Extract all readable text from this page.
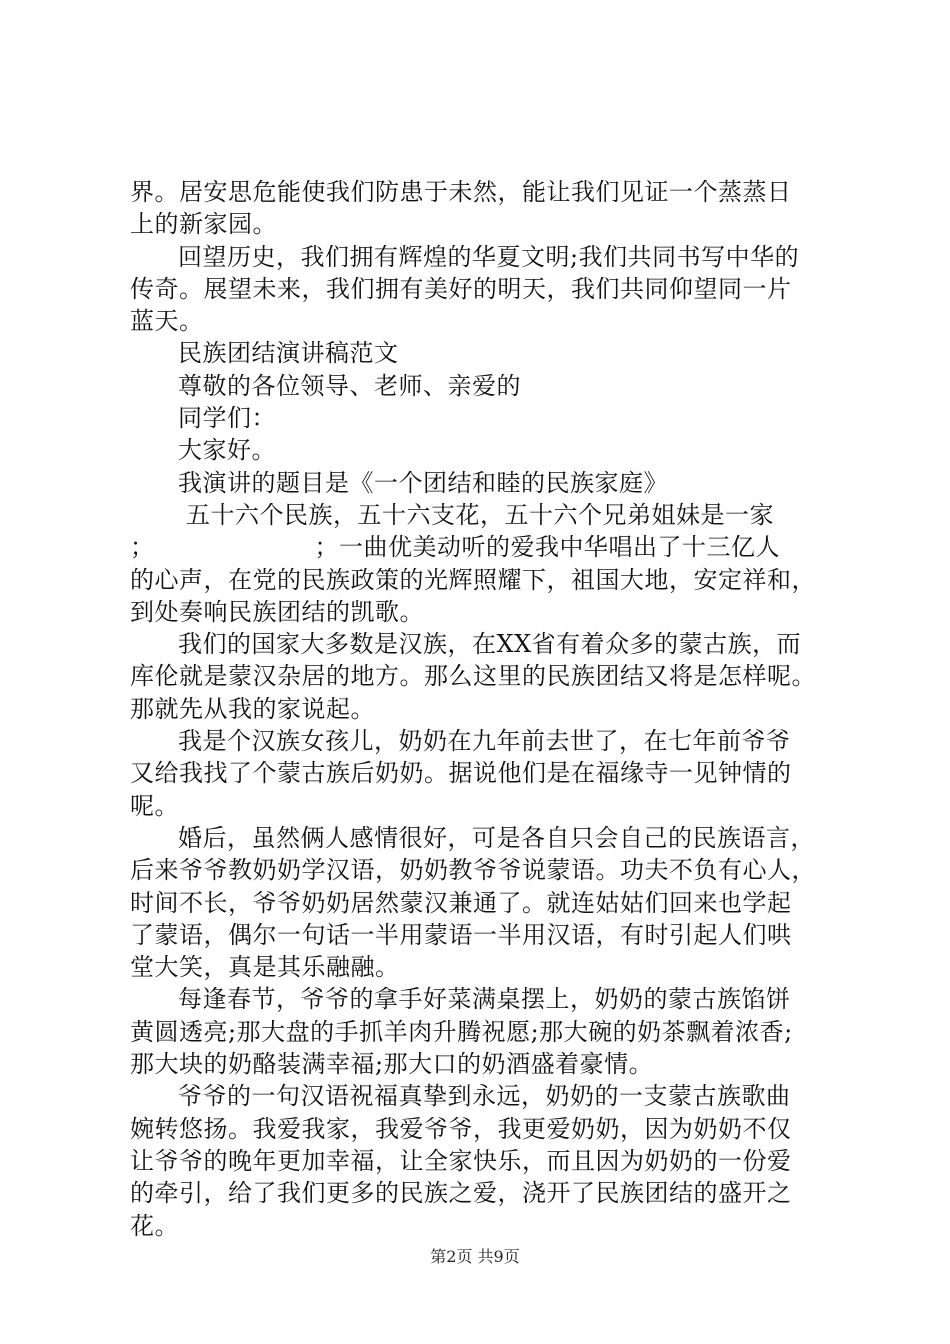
界。居安思危能使我们防患于未然，能让我们见证一个蒸蒸日
上的新家园。

回望历史，我们拥有辉煌的华夏文明;我们共同书写中华的
传奇。展望未来，我们拥有美好的明天，我们共同仰望同一片
蓝天。

民族团结演讲稿范文

尊敬的各位领导、老师、亲爱的

同学们：

大家好。

我演讲的题目是《一个团结和睦的民族家庭》

五十六个民族，五十六支花，五十六个兄弟姐妹是一家

；	；一曲优美动听的爱我中华唱出了十三亿人
的心声，在党的民族政策的光辉照耀下，祖国大地，安定祥和，
到处奏响民族团结的凯歌。

我们的国家大多数是汉族，在XX省有着众多的蒙古族，而
库伦就是蒙汉杂居的地方。那么这里的民族团结又将是怎样呢。
那就先从我的家说起。

我是个汉族女孩儿，奶奶在九年前去世了，在七年前爷爷
又给我找了个蒙古族后奶奶。据说他们是在福缘寺一见钟情的
呢。

婚后，虽然俩人感情很好，可是各自只会自己的民族语言，
后来爷爷教奶奶学汉语，奶奶教爷爷说蒙语。功夫不负有心人，
时间不长，爷爷奶奶居然蒙汉兼通了。就连姑姑们回来也学起
了蒙语，偶尔一句话一半用蒙语一半用汉语，有时引起人们哄
堂大笑，真是其乐融融。

每逢春节，爷爷的拿手好菜满桌摆上，奶奶的蒙古族馅饼
黄圆透亮;那大盘的手抓羊肉升腾祝愿;那大碗的奶茶飘着浓香;
那大块的奶酪装满幸福;那大口的奶酒盛着豪情。

爷爷的一句汉语祝福真挚到永远，奶奶的一支蒙古族歌曲
婉转悠扬。我爱我家，我爱爷爷，我更爱奶奶，因为奶奶不仅
让爷爷的晚年更加幸福，让全家快乐，而且因为奶奶的一份爱
的牵引，给了我们更多的民族之爱，浇开了民族团结的盛开之
花。

第2页 共9页
